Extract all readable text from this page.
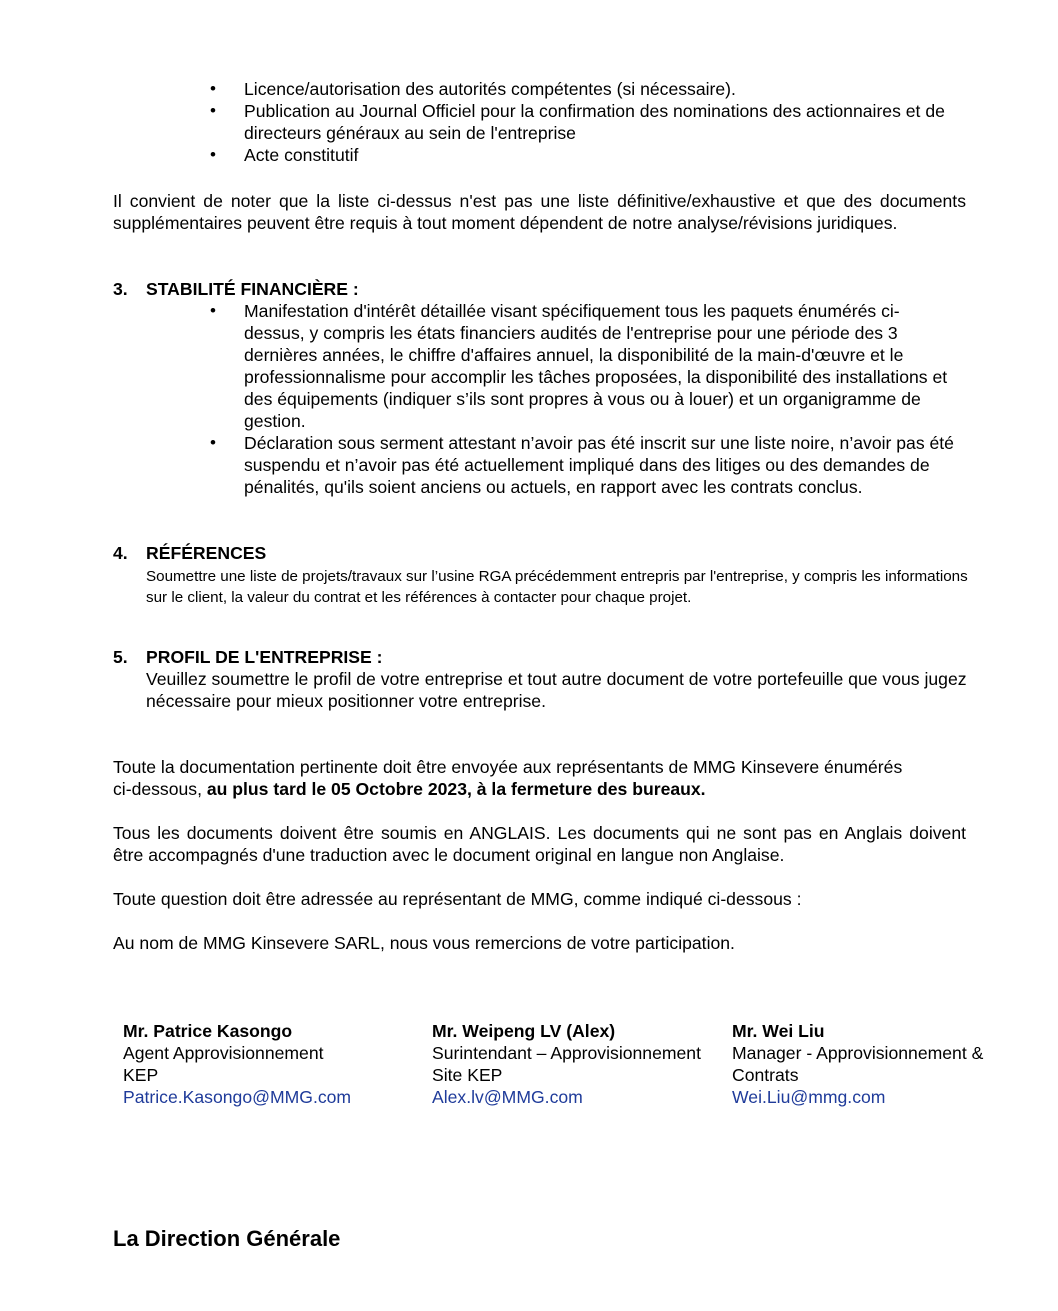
• Licence/autorisation des autorités compétentes (si nécessaire).
• Publication au Journal Officiel pour la confirmation des nominations des actionnaires et de directeurs généraux au sein de l'entreprise
• Acte constitutif

Il convient de noter que la liste ci-dessus n'est pas une liste définitive/exhaustive et que des documents supplémentaires peuvent être requis à tout moment dépendent de notre analyse/révisions juridiques.

3. STABILITÉ FINANCIÈRE :
• Manifestation d'intérêt détaillée visant spécifiquement tous les paquets énumérés ci-dessus, y compris les états financiers audités de l'entreprise pour une période des 3 dernières années, le chiffre d'affaires annuel, la disponibilité de la main-d'œuvre et le professionnalisme pour accomplir les tâches proposées, la disponibilité des installations et des équipements (indiquer s’ils sont propres à vous ou à louer) et un organigramme de gestion.
• Déclaration sous serment attestant n’avoir pas été inscrit sur une liste noire, n’avoir pas été suspendu et n’avoir pas été actuellement impliqué dans des litiges ou des demandes de pénalités, qu'ils soient anciens ou actuels, en rapport avec les contrats conclus.
4. RÉFÉRENCES

Soumettre une liste de projets/travaux sur l’usine RGA précédemment entrepris par l'entreprise, y compris les informations sur le client, la valeur du contrat et les références à contacter pour chaque projet.

5. PROFIL DE L'ENTREPRISE :

Veuillez soumettre le profil de votre entreprise et tout autre document de votre portefeuille que vous jugez nécessaire pour mieux positionner votre entreprise.

Toute la documentation pertinente doit être envoyée aux représentants de MMG Kinsevere énumérés ci-dessous, au plus tard le 05 Octobre 2023, à la fermeture des bureaux.

Tous les documents doivent être soumis en ANGLAIS. Les documents qui ne sont pas en Anglais doivent être accompagnés d'une traduction avec le document original en langue non Anglaise.

Toute question doit être adressée au représentant de MMG, comme indiqué ci-dessous :

Au nom de MMG Kinsevere SARL, nous vous remercions de votre participation.

Mr. Patrice Kasongo
Agent Approvisionnement
KEP
Patrice.Kasongo@MMG.com
Mr. Weipeng LV (Alex)
Surintendant – Approvisionnement
Site KEP
Alex.lv@MMG.com
Mr. Wei Liu
Manager - Approvisionnement &
Contrats
Wei.Liu@mmg.com
La Direction Générale
